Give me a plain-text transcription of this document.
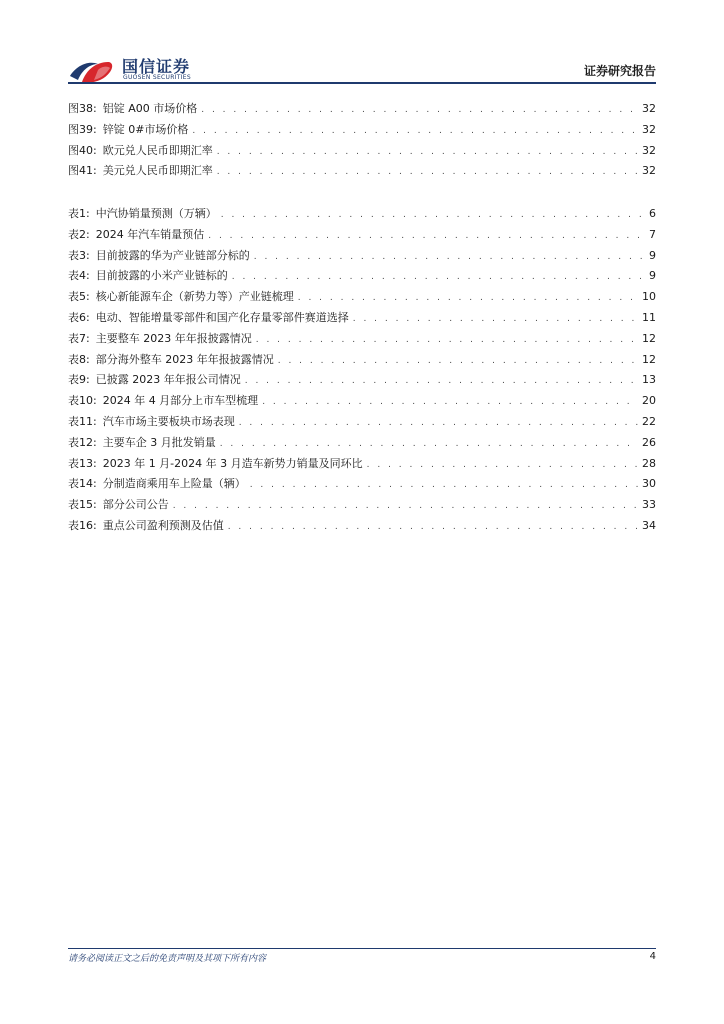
国信证券
GUOSEN SECURITIES	证券研究报告
图38: 铝锭 A00 市场价格 . . .	32
图39: 锌锭 0#市场价格 . . .	32
图40: 欧元兑人民币即期汇率 . . .	32
图41: 美元兑人民币即期汇率 . . .	32
表1: 中汽协销量预测（万辆） . . .	6
表2: 2024 年汽车销量预估 . . .	7
表3: 目前披露的华为产业链部分标的 . . .	9
表4: 目前披露的小米产业链标的 . . .	9
表5: 核心新能源车企（新势力等）产业链梳理 . . .	10
表6: 电动、智能增量零部件和国产化存量零部件赛道选择 . . .	11
表7: 主要整车 2023 年年报披露情况 . . .	12
表8: 部分海外整车 2023 年年报披露情况 . . .	12
表9: 已披露 2023 年年报公司情况 . . .	13
表10: 2024 年 4 月部分上市车型梳理 . . .	20
表11: 汽车市场主要板块市场表现 . . .	22
表12: 主要车企 3 月批发销量 . . .	26
表13: 2023 年 1 月-2024 年 3 月造车新势力销量及同环比 . . .	28
表14: 分制造商乘用车上险量（辆） . . .	30
表15: 部分公司公告 . . .	33
表16: 重点公司盈利预测及估值 . . .	34
请务必阅读正文之后的免责声明及其项下所有内容	4
